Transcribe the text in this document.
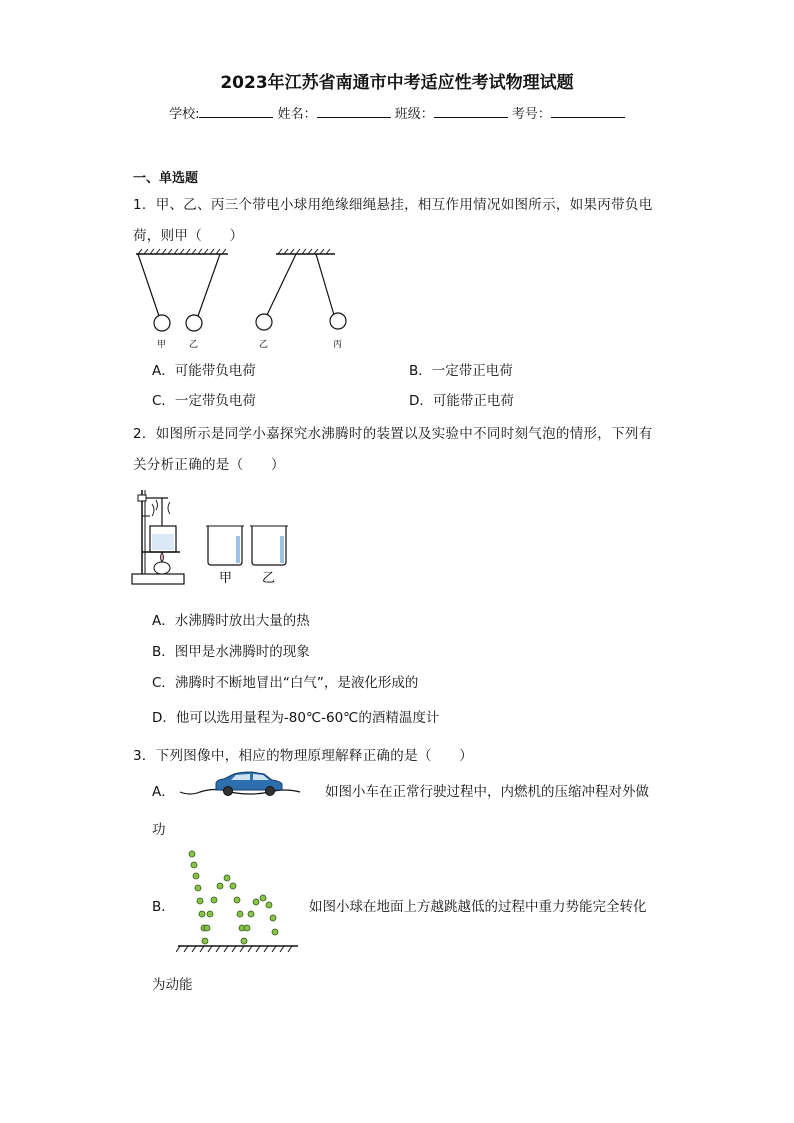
2023年江苏省南通市中考适应性考试物理试题
学校:	姓名：	班级：	考号：
一、单选题
1．甲、乙、丙三个带电小球用绝缘细绳悬挂，相互作用情况如图所示，如果丙带负电
荷，则甲（　　）
甲	乙	乙	丙
A．可能带负电荷	B．一定带正电荷
C．一定带负电荷	D．可能带正电荷
2．如图所示是同学小嘉探究水沸腾时的装置以及实验中不同时刻气泡的情形，下列有
关分析正确的是（　　）
甲 乙
A．水沸腾时放出大量的热
B．图甲是水沸腾时的现象
C．沸腾时不断地冒出“白气”，是液化形成的
D．他可以选用量程为-80℃-60℃的酒精温度计
3．下列图像中，相应的物理原理解释正确的是（　　）
A．	如图小车在正常行驶过程中，内燃机的压缩冲程对外做
功
B．	如图小球在地面上方越跳越低的过程中重力势能完全转化
为动能
